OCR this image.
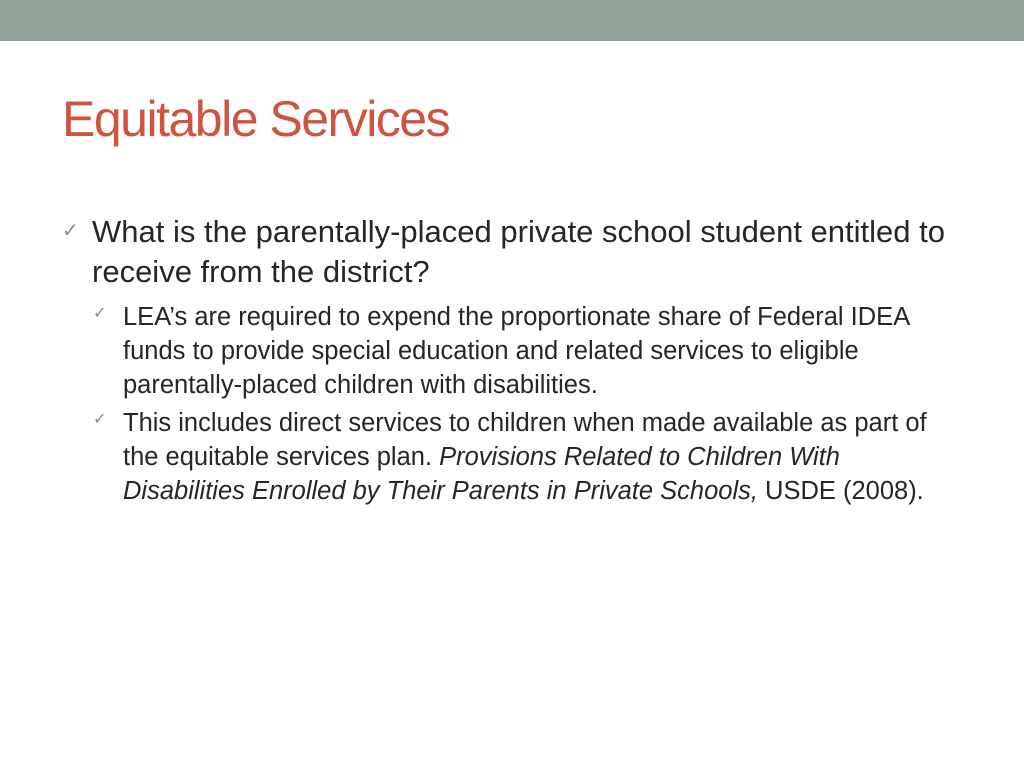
Equitable Services
✓ What is the parentally-placed private school student entitled to receive from the district?
✓ LEA’s are required to expend the proportionate share of Federal IDEA funds to provide special education and related services to eligible parentally-placed children with disabilities.
✓ This includes direct services to children when made available as part of the equitable services plan. Provisions Related to Children With Disabilities Enrolled by Their Parents in Private Schools, USDE (2008).
